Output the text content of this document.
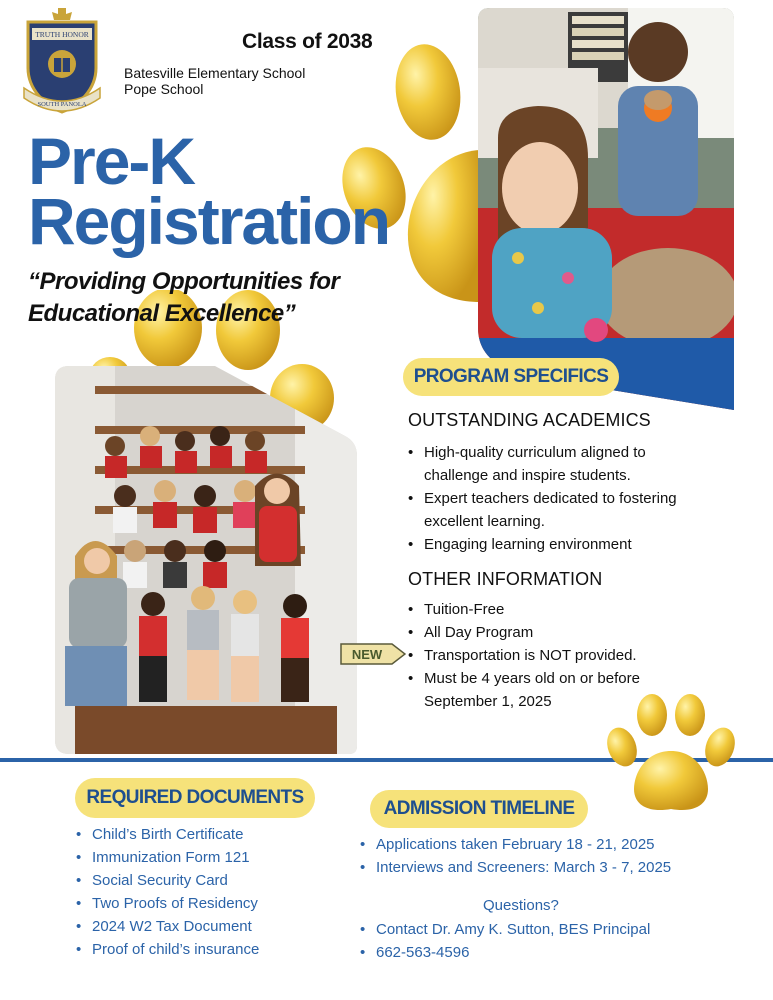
TRUTH HONOR
SOUTH PANOLA
Class of 2038
Batesville Elementary School
Pope School
Pre-K
Registration
“Providing Opportunities for
Educational Excellence”
PROGRAM SPECIFICS
OUTSTANDING ACADEMICS
• High-quality curriculum aligned to challenge and inspire students.
• Expert teachers dedicated to fostering excellent learning.
• Engaging learning environment
OTHER INFORMATION
• Tuition-Free
• All Day Program
• Transportation is NOT provided.
• Must be 4 years old on or before September 1, 2025
NEW
REQUIRED DOCUMENTS
• Child’s Birth Certificate
• Immunization Form 121
• Social Security Card
• Two Proofs of Residency
• 2024 W2 Tax Document
• Proof of child’s insurance
ADMISSION TIMELINE
• Applications taken February 18 - 21, 2025
• Interviews and Screeners: March 3 - 7, 2025
Questions?
• Contact Dr. Amy K. Sutton, BES Principal
• 662-563-4596
